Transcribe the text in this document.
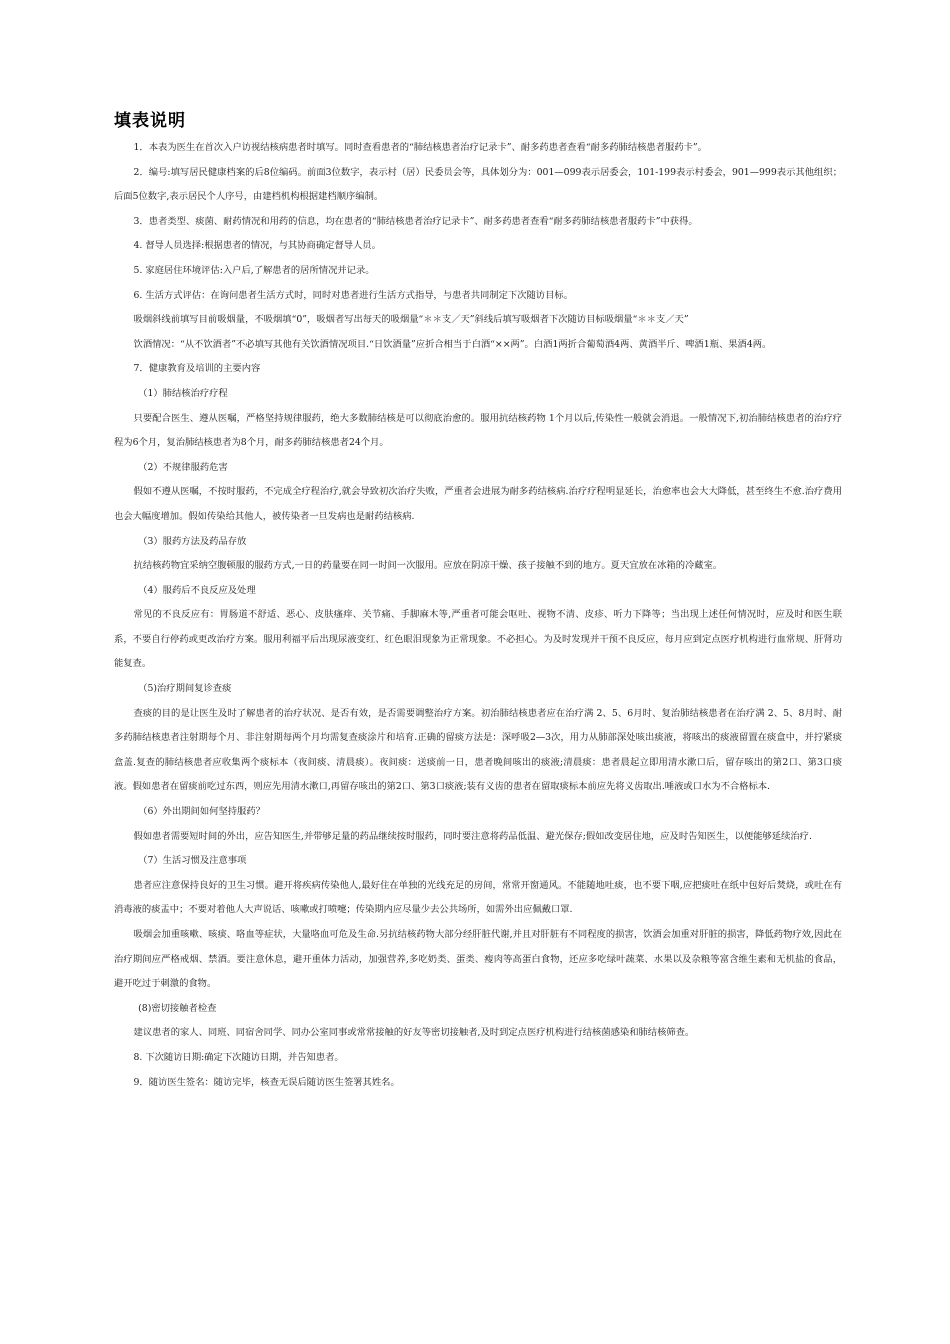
填表说明

1．本表为医生在首次入户访视结核病患者时填写。同时查看患者的“肺结核患者治疗记录卡”、耐多药患者查看“耐多药肺结核患者服药卡”。

2．编号:填写居民健康档案的后8位编码。前面3位数字，表示村（居）民委员会等，具体划分为：001—099表示居委会，101-199表示村委会，901—999表示其他组织；后面5位数字,表示居民个人序号，由建档机构根据建档顺序编制。

3．患者类型、痰菌、耐药情况和用药的信息，均在患者的“肺结核患者治疗记录卡”、耐多药患者查看“耐多药肺结核患者服药卡”中获得。

4. 督导人员选择:根据患者的情况，与其协商确定督导人员。

5. 家庭居住环境评估:入户后,了解患者的居所情况并记录。

6. 生活方式评估：在询问患者生活方式时，同时对患者进行生活方式指导，与患者共同制定下次随访目标。

吸烟斜线前填写目前吸烟量，不吸烟填“0”，吸烟者写出每天的吸烟量“＊＊支／天”斜线后填写吸烟者下次随访目标吸烟量“＊＊支／天”

饮酒情况：“从不饮酒者”不必填写其他有关饮酒情况项目.“日饮酒量”应折合相当于白酒“××两”。白酒1两折合葡萄酒4两、黄酒半斤、啤酒1瓶、果酒4两。

7．健康教育及培训的主要内容

（1）肺结核治疗疗程

只要配合医生、遵从医嘱，严格坚持规律服药，绝大多数肺结核是可以彻底治愈的。服用抗结核药物 1个月以后,传染性一般就会消退。一般情况下,初治肺结核患者的治疗疗程为6个月，复治肺结核患者为8个月，耐多药肺结核患者24个月。

（2）不规律服药危害

假如不遵从医嘱，不按时服药，不完成全疗程治疗,就会导致初次治疗失败，严重者会进展为耐多药结核病.治疗疗程明显延长，治愈率也会大大降低，甚至终生不愈.治疗费用也会大幅度增加。假如传染给其他人，被传染者一旦发病也是耐药结核病.

（3）服药方法及药品存放

抗结核药物宜采纳空腹顿服的服药方式,一日的药量要在同一时间一次服用。应放在阴凉干燥、孩子接触不到的地方。夏天宜放在冰箱的冷藏室。

（4）服药后不良反应及处理

常见的不良反应有：胃肠道不舒适、恶心、皮肤瘙痒、关节痛、手脚麻木等,严重者可能会呕吐、视物不清、皮疹、听力下降等；当出现上述任何情况时，应及时和医生联系，不要自行停药或更改治疗方案。服用利福平后出现尿液变红、红色眼泪现象为正常现象。不必担心。为及时发现并干预不良反应，每月应到定点医疗机构进行血常规、肝肾功能复查。

（5)治疗期间复诊查痰

查痰的目的是让医生及时了解患者的治疗状况、是否有效，是否需要调整治疗方案。初治肺结核患者应在治疗满 2、5、6月时、复治肺结核患者在治疗满 2、5、8月时、耐多药肺结核患者注射期每个月、非注射期每两个月均需复查痰涂片和培育.正确的留痰方法是：深呼吸2—3次，用力从肺部深处咳出痰液，将咳出的痰液留置在痰盒中，并拧紧痰盒盖.复查的肺结核患者应收集两个痰标本（夜间痰、清晨痰）。夜间痰：送痰前一日，患者晚间咳出的痰液;清晨痰：患者晨起立即用清水漱口后，留存咳出的第2口、第3口痰液。假如患者在留痰前吃过东西，则应先用清水漱口,再留存咳出的第2口、第3口痰液;装有义齿的患者在留取痰标本前应先将义齿取出.唾液或口水为不合格标本.

（6）外出期间如何坚持服药？

假如患者需要短时间的外出，应告知医生,并带够足量的药品继续按时服药，同时要注意将药品低温、避光保存;假如改变居住地，应及时告知医生，以便能够延续治疗.

（7）生活习惯及注意事项

患者应注意保持良好的卫生习惯。避开将疾病传染他人,最好住在单独的光线充足的房间，常常开窗通风。不能随地吐痰，也不要下咽,应把痰吐在纸中包好后焚烧，或吐在有消毒液的痰盂中；不要对着他人大声说话、咳嗽或打喷嚏；传染期内应尽量少去公共场所，如需外出应佩戴口罩.

吸烟会加重咳嗽、咳痰、咯血等症状，大量咯血可危及生命.另抗结核药物大部分经肝脏代谢,并且对肝脏有不同程度的损害，饮酒会加重对肝脏的损害，降低药物疗效,因此在治疗期间应严格戒烟、禁酒。要注意休息，避开重体力活动，加强营养,多吃奶类、蛋类、瘦肉等高蛋白食物，还应多吃绿叶蔬菜、水果以及杂粮等富含维生素和无机盐的食品，避开吃过于刺激的食物。

(8)密切接触者检查

建议患者的家人、同班、同宿舍同学、同办公室同事或常常接触的好友等密切接触者,及时到定点医疗机构进行结核菌感染和肺结核筛查。

8. 下次随访日期:确定下次随访日期，并告知患者。

9．随访医生签名：随访完毕，核查无误后随访医生签署其姓名。
